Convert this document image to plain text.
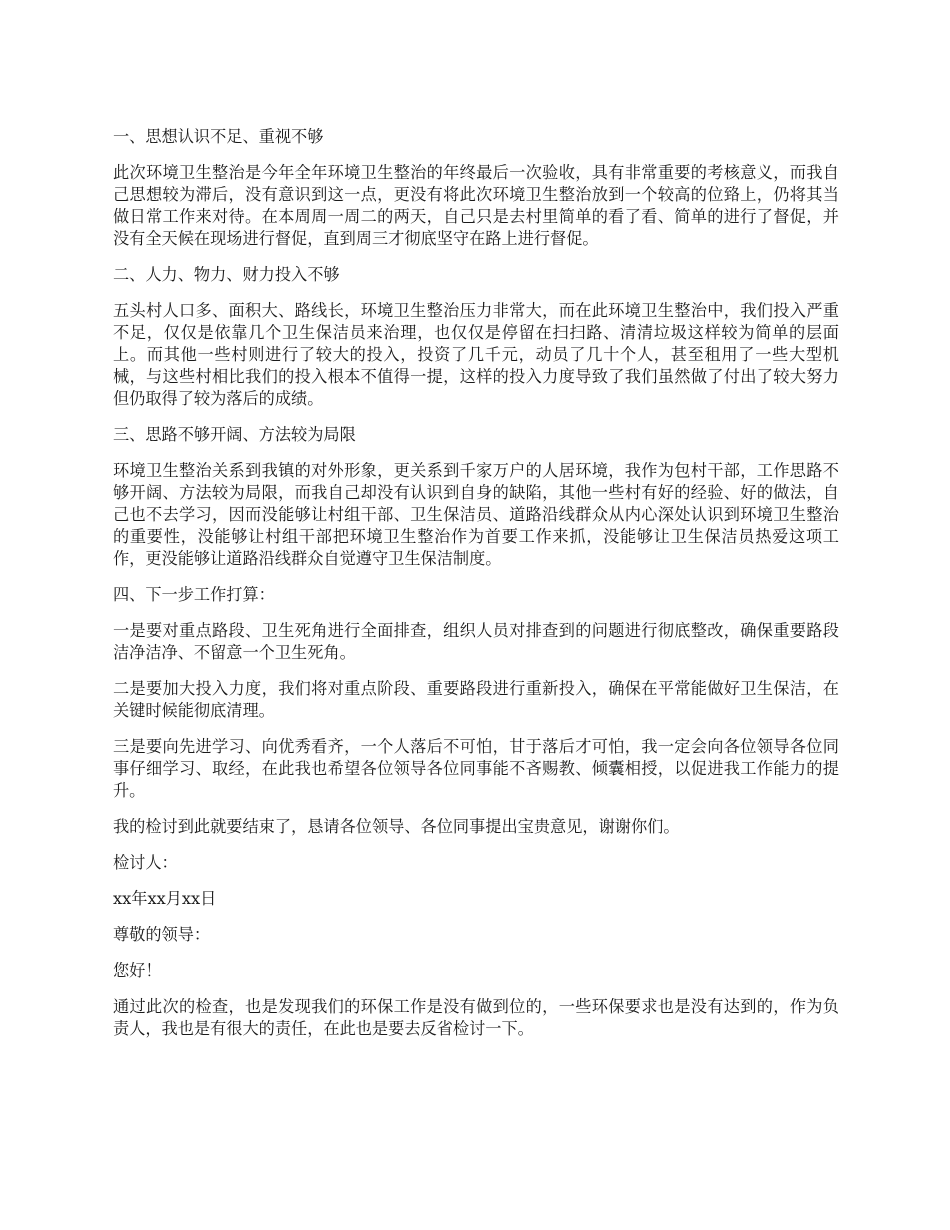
一、思想认识不足、重视不够

此次环境卫生整治是今年全年环境卫生整治的年终最后一次验收，具有非常重要的考核意义，而我自己思想较为滞后，没有意识到这一点，更没有将此次环境卫生整治放到一个较高的位臵上，仍将其当做日常工作来对待。在本周周一周二的两天，自己只是去村里简单的看了看、简单的进行了督促，并没有全天候在现场进行督促，直到周三才彻底坚守在路上进行督促。

二、人力、物力、财力投入不够

五头村人口多、面积大、路线长，环境卫生整治压力非常大，而在此环境卫生整治中，我们投入严重不足，仅仅是依靠几个卫生保洁员来治理，也仅仅是停留在扫扫路、清清垃圾这样较为简单的层面上。而其他一些村则进行了较大的投入，投资了几千元，动员了几十个人，甚至租用了一些大型机械，与这些村相比我们的投入根本不值得一提，这样的投入力度导致了我们虽然做了付出了较大努力但仍取得了较为落后的成绩。

三、思路不够开阔、方法较为局限

环境卫生整治关系到我镇的对外形象，更关系到千家万户的人居环境，我作为包村干部，工作思路不够开阔、方法较为局限，而我自己却没有认识到自身的缺陷，其他一些村有好的经验、好的做法，自己也不去学习，因而没能够让村组干部、卫生保洁员、道路沿线群众从内心深处认识到环境卫生整治的重要性，没能够让村组干部把环境卫生整治作为首要工作来抓，没能够让卫生保洁员热爱这项工作，更没能够让道路沿线群众自觉遵守卫生保洁制度。

四、下一步工作打算：

一是要对重点路段、卫生死角进行全面排查，组织人员对排查到的问题进行彻底整改，确保重要路段洁净洁净、不留意一个卫生死角。

二是要加大投入力度，我们将对重点阶段、重要路段进行重新投入，确保在平常能做好卫生保洁，在关键时候能彻底清理。

三是要向先进学习、向优秀看齐，一个人落后不可怕，甘于落后才可怕，我一定会向各位领导各位同事仔细学习、取经，在此我也希望各位领导各位同事能不吝赐教、倾囊相授，以促进我工作能力的提升。

我的检讨到此就要结束了，恳请各位领导、各位同事提出宝贵意见，谢谢你们。

检讨人：

xx年xx月xx日

尊敬的领导：

您好！

通过此次的检查，也是发现我们的环保工作是没有做到位的，一些环保要求也是没有达到的，作为负责人，我也是有很大的责任，在此也是要去反省检讨一下。
